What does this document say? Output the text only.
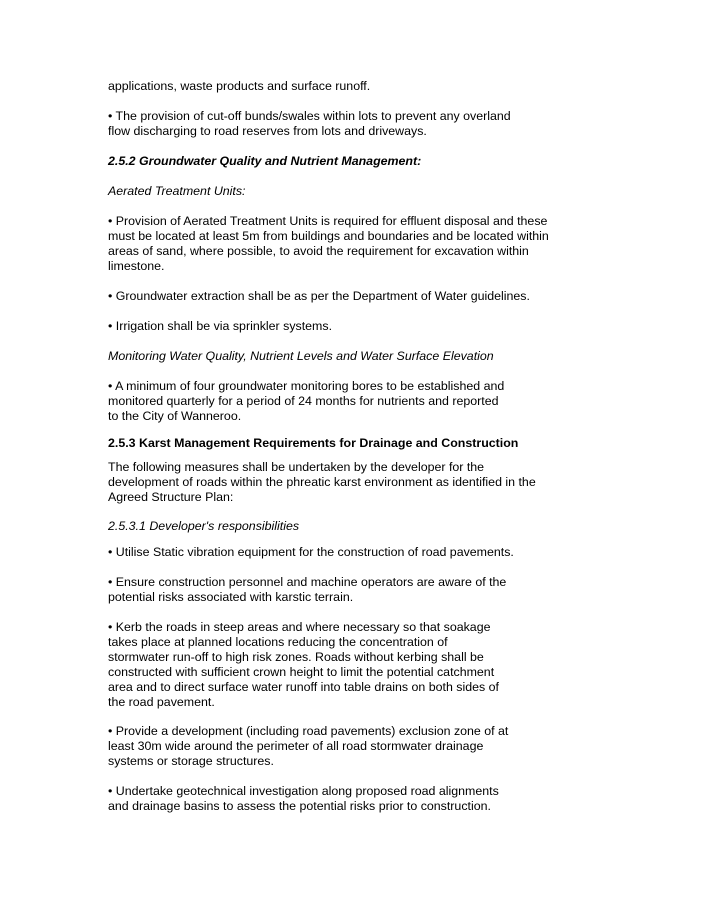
applications, waste products and surface runoff.

• The provision of cut-off bunds/swales within lots to prevent any overland
flow discharging to road reserves from lots and driveways.

2.5.2 Groundwater Quality and Nutrient Management:

Aerated Treatment Units:

• Provision of Aerated Treatment Units is required for effluent disposal and these
must be located at least 5m from buildings and boundaries and be located within
areas of sand, where possible, to avoid the requirement for excavation within
limestone.

• Groundwater extraction shall be as per the Department of Water guidelines.

• Irrigation shall be via sprinkler systems.

Monitoring Water Quality, Nutrient Levels and Water Surface Elevation

• A minimum of four groundwater monitoring bores to be established and
monitored quarterly for a period of 24 months for nutrients and reported
to the City of Wanneroo.

2.5.3 Karst Management Requirements for Drainage and Construction

The following measures shall be undertaken by the developer for the
development of roads within the phreatic karst environment as identified in the
Agreed Structure Plan:

2.5.3.1 Developer's responsibilities

• Utilise Static vibration equipment for the construction of road pavements.

• Ensure construction personnel and machine operators are aware of the
potential risks associated with karstic terrain.

• Kerb the roads in steep areas and where necessary so that soakage
takes place at planned locations reducing the concentration of
stormwater run-off to high risk zones. Roads without kerbing shall be
constructed with sufficient crown height to limit the potential catchment
area and to direct surface water runoff into table drains on both sides of
the road pavement.

• Provide a development (including road pavements) exclusion zone of at
least 30m wide around the perimeter of all road stormwater drainage
systems or storage structures.

• Undertake geotechnical investigation along proposed road alignments
and drainage basins to assess the potential risks prior to construction.
